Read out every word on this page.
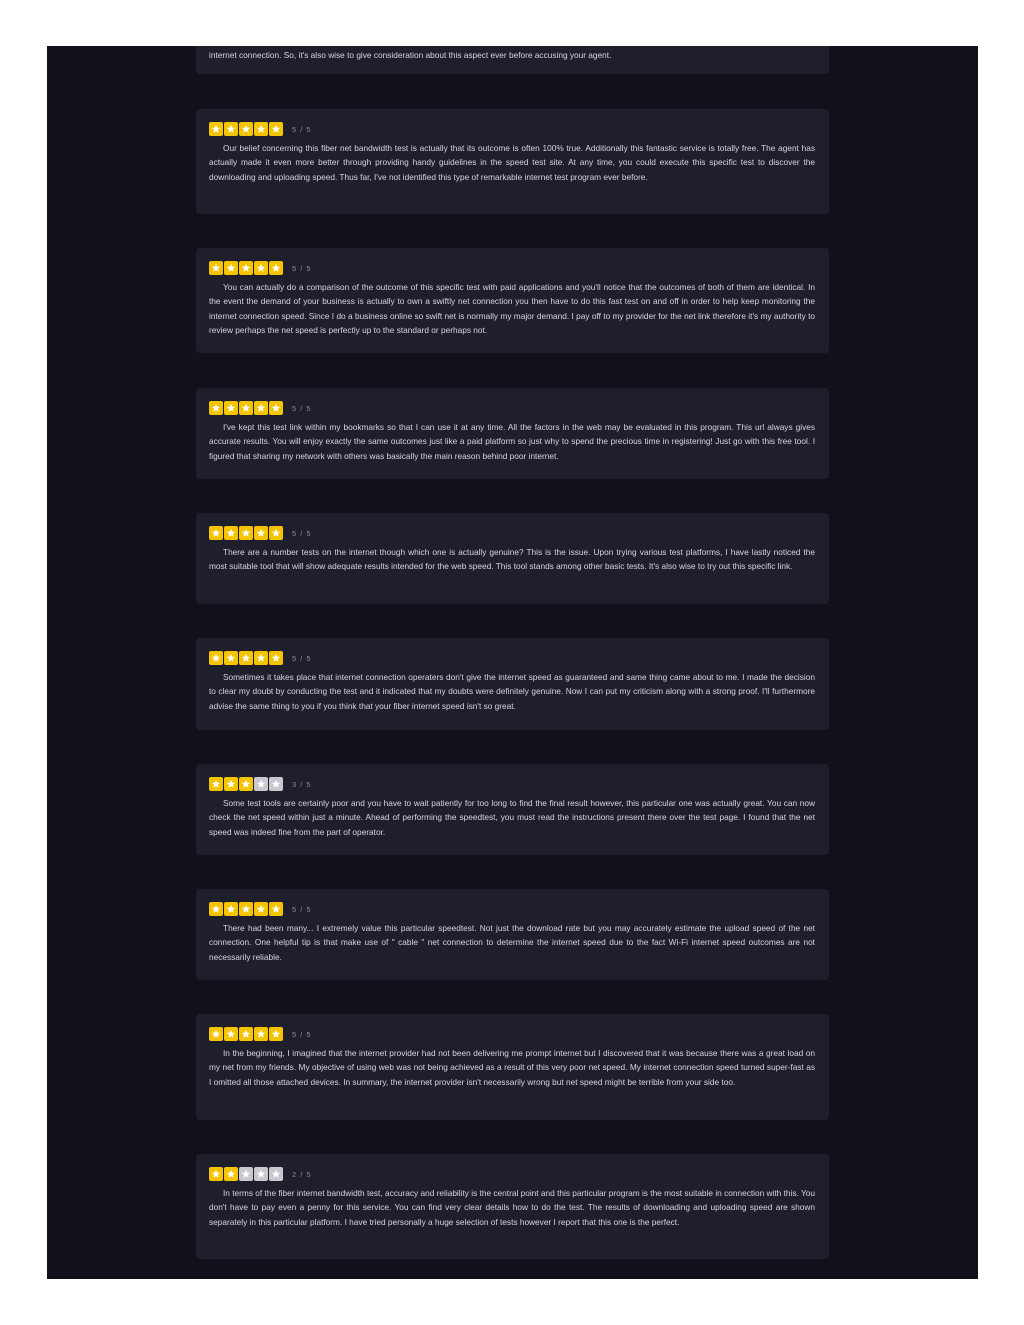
internet connection. So, it's also wise to give consideration about this aspect ever before accusing your agent.

5 / 5

Our belief concerning this fiber net bandwidth test is actually that its outcome is often 100% true. Additionally this fantastic service is totally free. The agent has actually made it even more better through providing handy guidelines in the speed test site. At any time, you could execute this specific test to discover the downloading and uploading speed. Thus far, I've not identified this type of remarkable internet test program ever before.

5 / 5

You can actually do a comparison of the outcome of this specific test with paid applications and you'll notice that the outcomes of both of them are identical. In the event the demand of your business is actually to own a swiftly net connection you then have to do this fast test on and off in order to help keep monitoring the internet connection speed. Since I do a business online so swift net is normally my major demand. I pay off to my provider for the net link therefore it's my authority to review perhaps the net speed is perfectly up to the standard or perhaps not.

5 / 5

I've kept this test link within my bookmarks so that I can use it at any time. All the factors in the web may be evaluated in this program. This url always gives accurate results. You will enjoy exactly the same outcomes just like a paid platform so just why to spend the precious time in registering! Just go with this free tool. I figured that sharing my network with others was basically the main reason behind poor internet.

5 / 5

There are a number tests on the internet though which one is actually genuine? This is the issue. Upon trying various test platforms, I have lastly noticed the most suitable tool that will show adequate results intended for the web speed. This tool stands among other basic tests. It's also wise to try out this specific link.

5 / 5

Sometimes it takes place that internet connection operaters don't give the internet speed as guaranteed and same thing came about to me. I made the decision to clear my doubt by conducting the test and it indicated that my doubts were definitely genuine. Now I can put my criticism along with a strong proof. I'll furthermore advise the same thing to you if you think that your fiber internet speed isn't so great.

3 / 5

Some test tools are certainly poor and you have to wait patiently for too long to find the final result however, this particular one was actually great. You can now check the net speed within just a minute. Ahead of performing the speedtest, you must read the instructions present there over the test page. I found that the net speed was indeed fine from the part of operator.

5 / 5

There had been many... I extremely value this particular speedtest. Not just the download rate but you may accurately estimate the upload speed of the net connection. One helpful tip is that make use of " cable " net connection to determine the internet speed due to the fact Wi-Fi internet speed outcomes are not necessarily reliable.

5 / 5

In the beginning, I imagined that the internet provider had not been delivering me prompt internet but I discovered that it was because there was a great load on my net from my friends. My objective of using web was not being achieved as a result of this very poor net speed. My internet connection speed turned super-fast as I omitted all those attached devices. In summary, the internet provider isn't necessarily wrong but net speed might be terrible from your side too.

2 / 5

In terms of the fiber internet bandwidth test, accuracy and reliability is the central point and this particular program is the most suitable in connection with this. You don't have to pay even a penny for this service. You can find very clear details how to do the test. The results of downloading and uploading speed are shown separately in this particular platform. I have tried personally a huge selection of tests however I report that this one is the perfect.
